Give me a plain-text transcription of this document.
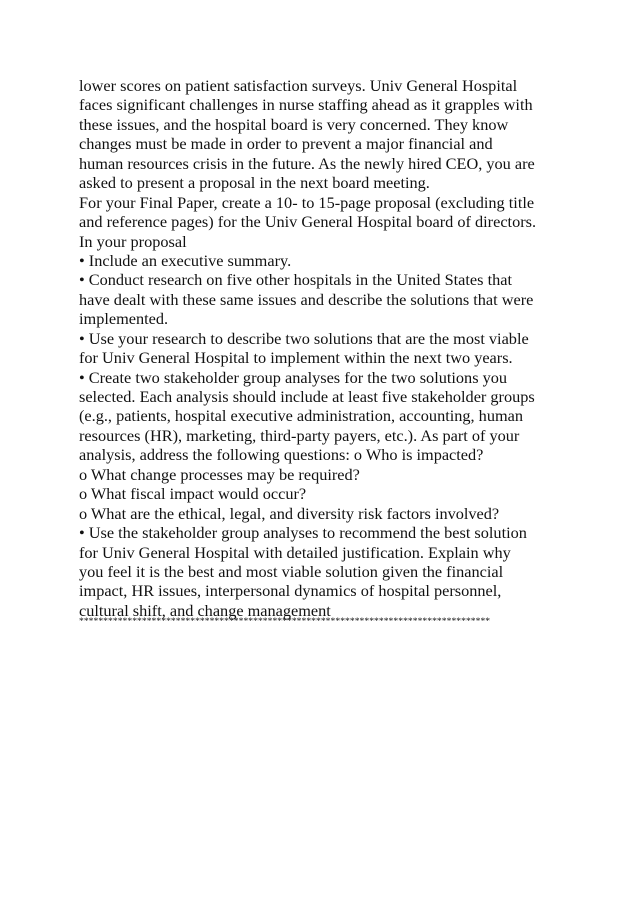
lower scores on patient satisfaction surveys. Univ General Hospital
faces significant challenges in nurse staffing ahead as it grapples with
these issues, and the hospital board is very concerned. They know
changes must be made in order to prevent a major financial and
human resources crisis in the future. As the newly hired CEO, you are
asked to present a proposal in the next board meeting.
For your Final Paper, create a 10- to 15-page proposal (excluding title
and reference pages) for the Univ General Hospital board of directors.
In your proposal
• Include an executive summary.
• Conduct research on five other hospitals in the United States that
have dealt with these same issues and describe the solutions that were
implemented.
• Use your research to describe two solutions that are the most viable
for Univ General Hospital to implement within the next two years.
• Create two stakeholder group analyses for the two solutions you
selected. Each analysis should include at least five stakeholder groups
(e.g., patients, hospital executive administration, accounting, human
resources (HR), marketing, third-party payers, etc.). As part of your
analysis, address the following questions: o Who is impacted?
o What change processes may be required?
o What fiscal impact would occur?
o What are the ethical, legal, and diversity risk factors involved?
• Use the stakeholder group analyses to recommend the best solution
for Univ General Hospital with detailed justification. Explain why
you feel it is the best and most viable solution given the financial
impact, HR issues, interpersonal dynamics of hospital personnel,
cultural shift, and change management
*************************************************************************************
